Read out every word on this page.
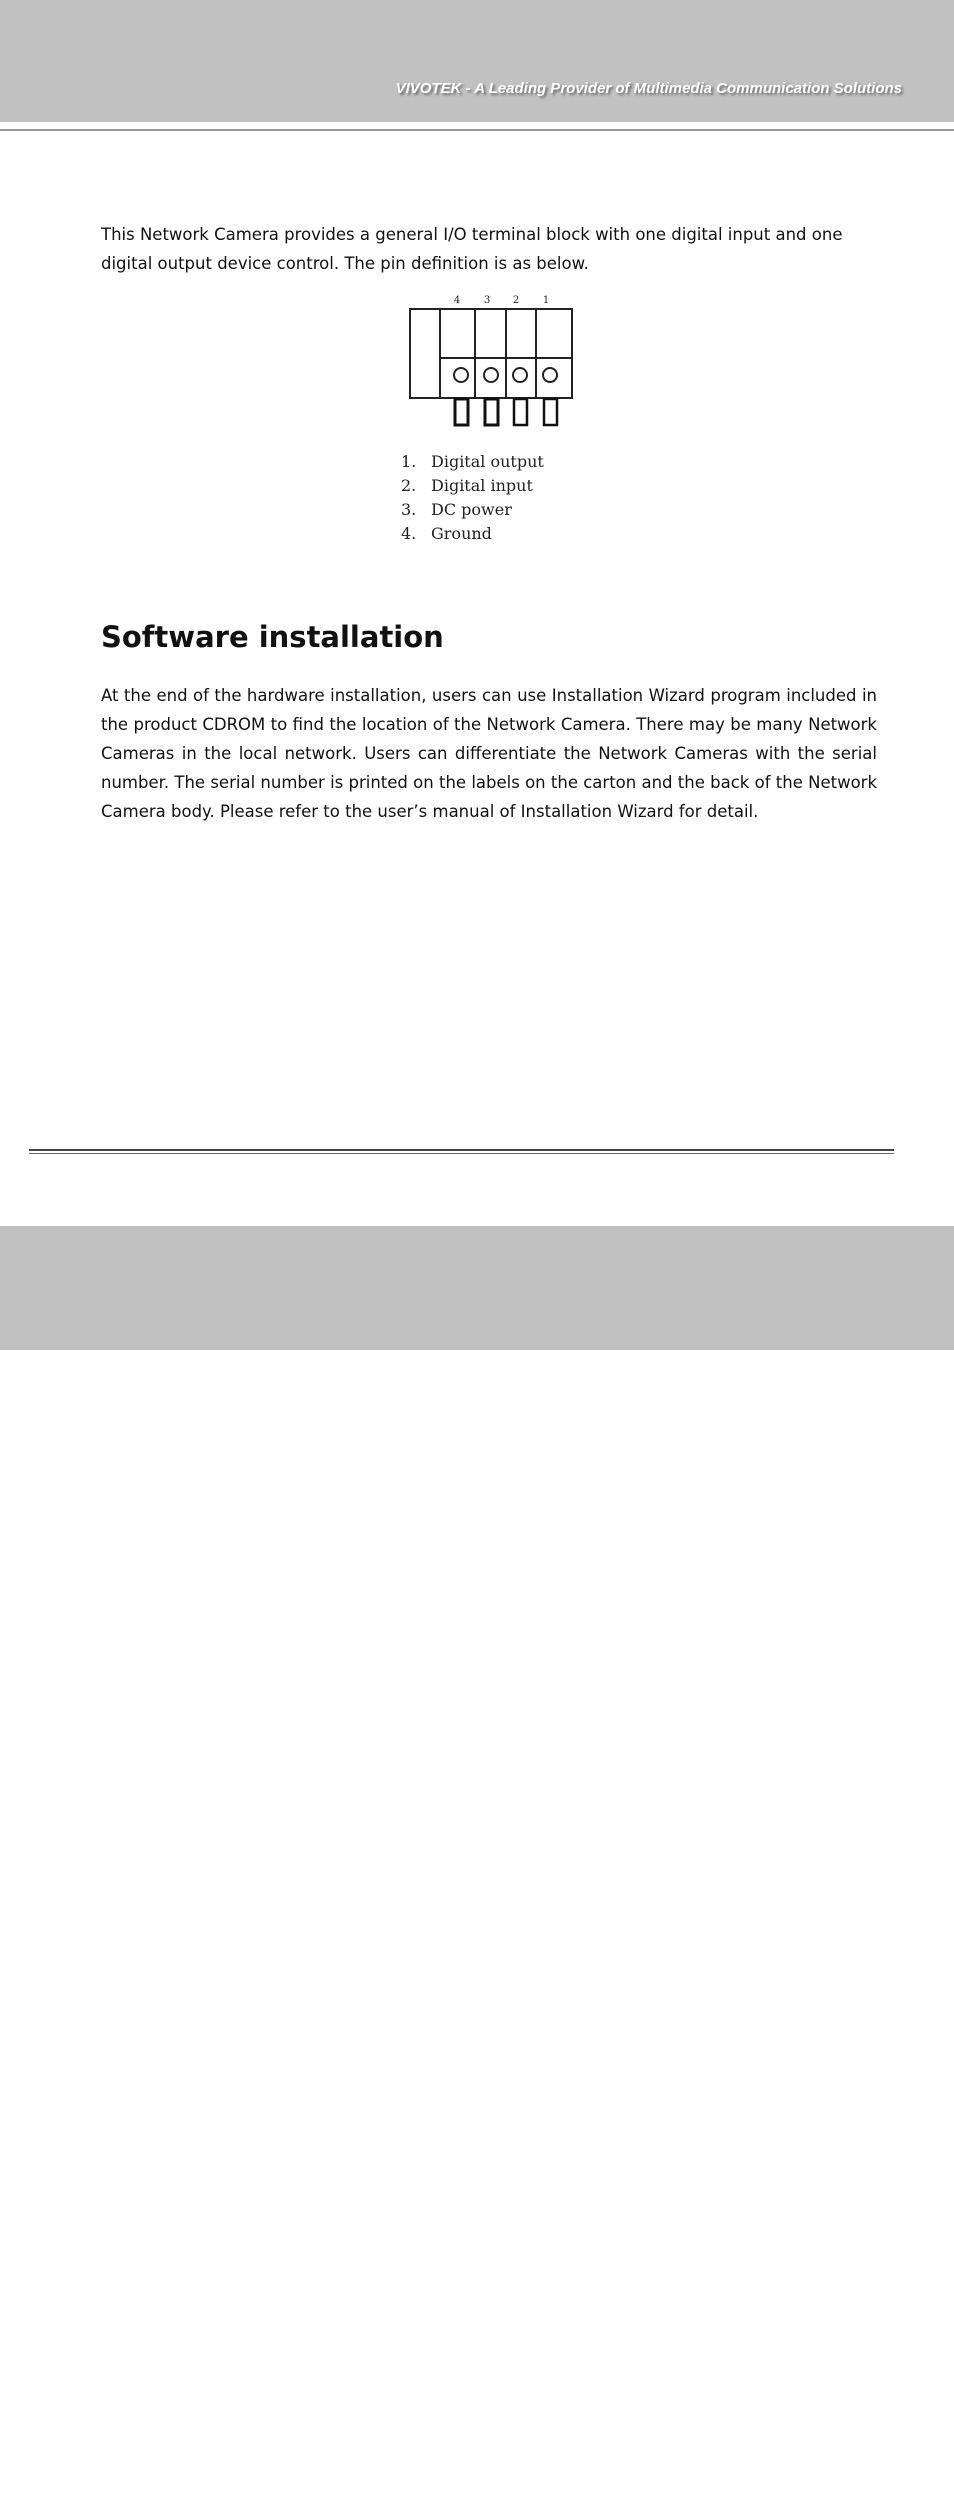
VIVOTEK - A Leading Provider of Multimedia Communication Solutions

This Network Camera provides a general I/O terminal block with one digital input and one digital output device control. The pin definition is as below.

4 3 2 1
1. Digital output
2. Digital input
3. DC power
4. Ground
Software installation

At the end of the hardware installation, users can use Installation Wizard program included in the product CDROM to find the location of the Network Camera. There may be many Network Cameras in the local network. Users can differentiate the Network Cameras with the serial number. The serial number is printed on the labels on the carton and the back of the Network Camera body. Please refer to the user’s manual of Installation Wizard for detail.

User's Manual - 8
